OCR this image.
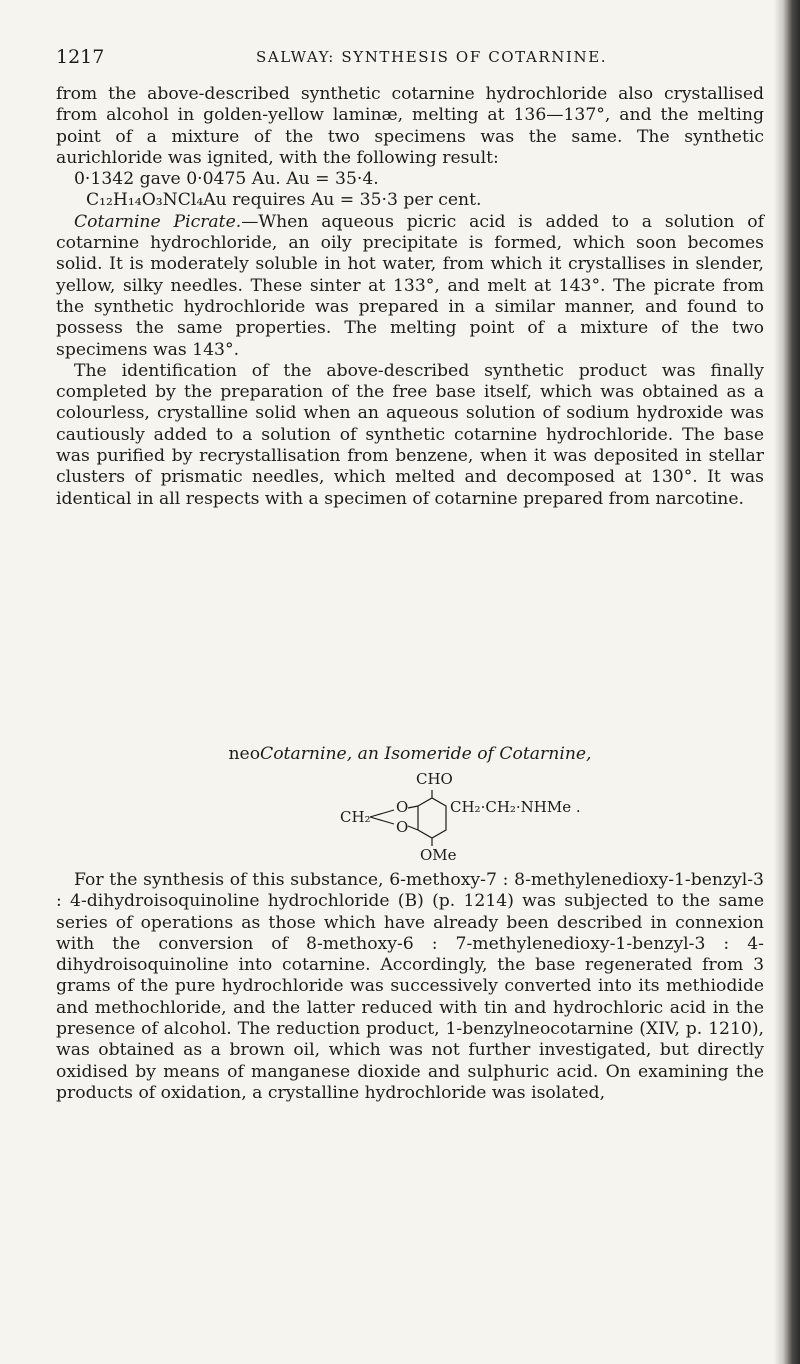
1217	SALWAY: SYNTHESIS OF COTARNINE.

from the above-described synthetic cotarnine hydrochloride also crystallised from alcohol in golden-yellow laminæ, melting at 136—137°, and the melting point of a mixture of the two specimens was the same. The synthetic aurichloride was ignited, with the following result:

0·1342 gave 0·0475 Au. Au = 35·4.

C₁₂H₁₄O₃NCl₄Au requires Au = 35·3 per cent.

Cotarnine Picrate.—When aqueous picric acid is added to a solution of cotarnine hydrochloride, an oily precipitate is formed, which soon becomes solid. It is moderately soluble in hot water, from which it crystallises in slender, yellow, silky needles. These sinter at 133°, and melt at 143°. The picrate from the synthetic hydrochloride was prepared in a similar manner, and found to possess the same properties. The melting point of a mixture of the two specimens was 143°.

The identification of the above-described synthetic product was finally completed by the preparation of the free base itself, which was obtained as a colourless, crystalline solid when an aqueous solution of sodium hydroxide was cautiously added to a solution of synthetic cotarnine hydrochloride. The base was purified by recrystallisation from benzene, when it was deposited in stellar clusters of prismatic needles, which melted and decomposed at 130°. It was identical in all respects with a specimen of cotarnine prepared from narcotine.

neoCotarnine, an Isomeride of Cotarnine,
CHO
CH₂
O
O
CH₂·CH₂·NHMe .
OMe

For the synthesis of this substance, 6-methoxy-7 : 8-methylenedioxy-1-benzyl-3 : 4-dihydroisoquinoline hydrochloride (B) (p. 1214) was subjected to the same series of operations as those which have already been described in connexion with the conversion of 8-methoxy-6 : 7-methylenedioxy-1-benzyl-3 : 4-dihydroisoquinoline into cotarnine. Accordingly, the base regenerated from 3 grams of the pure hydrochloride was successively converted into its methiodide and methochloride, and the latter reduced with tin and hydrochloric acid in the presence of alcohol. The reduction product, 1-benzylneocotarnine (XIV, p. 1210), was obtained as a brown oil, which was not further investigated, but directly oxidised by means of manganese dioxide and sulphuric acid. On examining the products of oxidation, a crystalline hydrochloride was isolated,
